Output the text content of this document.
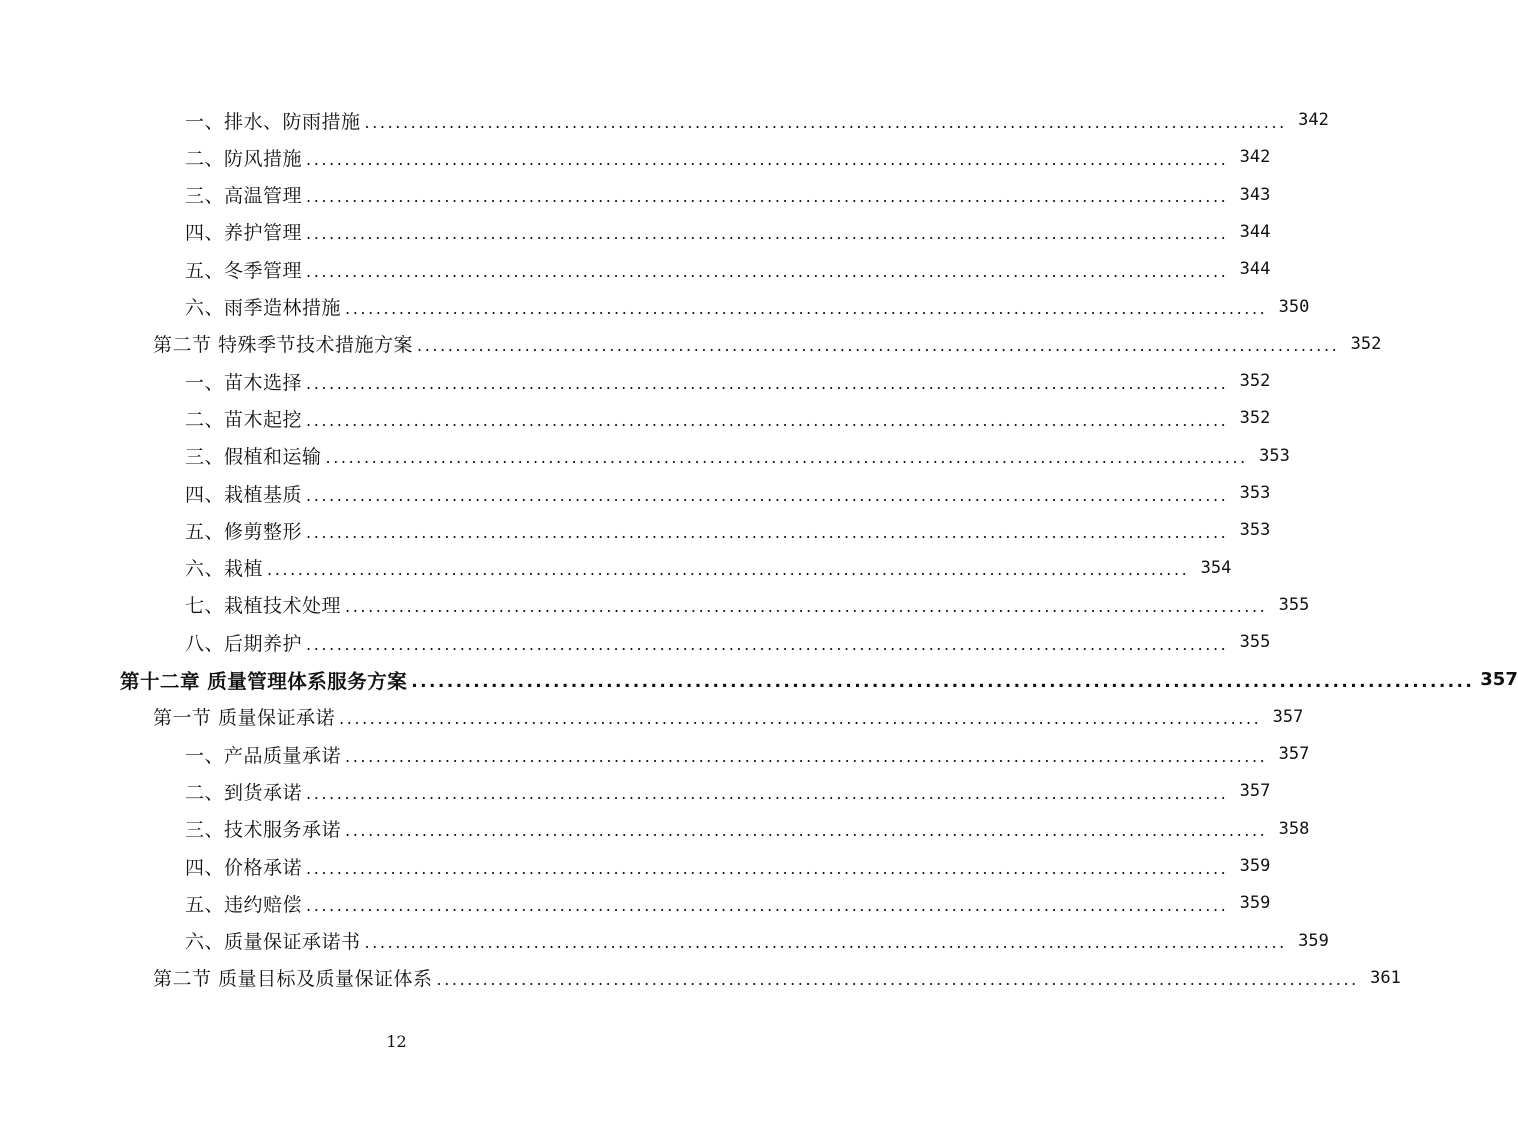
一、排水、防雨措施 ........................................................................................................................ 342
二、防风措施 ........................................................................................................................ 342
三、高温管理 ........................................................................................................................ 343
四、养护管理 ........................................................................................................................ 344
五、冬季管理 ........................................................................................................................ 344
六、雨季造林措施 ........................................................................................................................ 350
第二节 特殊季节技术措施方案 ........................................................................................................................ 352
一、苗木选择 ........................................................................................................................ 352
二、苗木起挖 ........................................................................................................................ 352
三、假植和运输 ........................................................................................................................ 353
四、栽植基质 ........................................................................................................................ 353
五、修剪整形 ........................................................................................................................ 353
六、栽植 ........................................................................................................................ 354
七、栽植技术处理 ........................................................................................................................ 355
八、后期养护 ........................................................................................................................ 355
第十二章 质量管理体系服务方案 ........................................................................................................................ 357
第一节 质量保证承诺 ........................................................................................................................ 357
一、产品质量承诺 ........................................................................................................................ 357
二、到货承诺 ........................................................................................................................ 357
三、技术服务承诺 ........................................................................................................................ 358
四、价格承诺 ........................................................................................................................ 359
五、违约赔偿 ........................................................................................................................ 359
六、质量保证承诺书 ........................................................................................................................ 359
第二节 质量目标及质量保证体系 ........................................................................................................................ 361
12
